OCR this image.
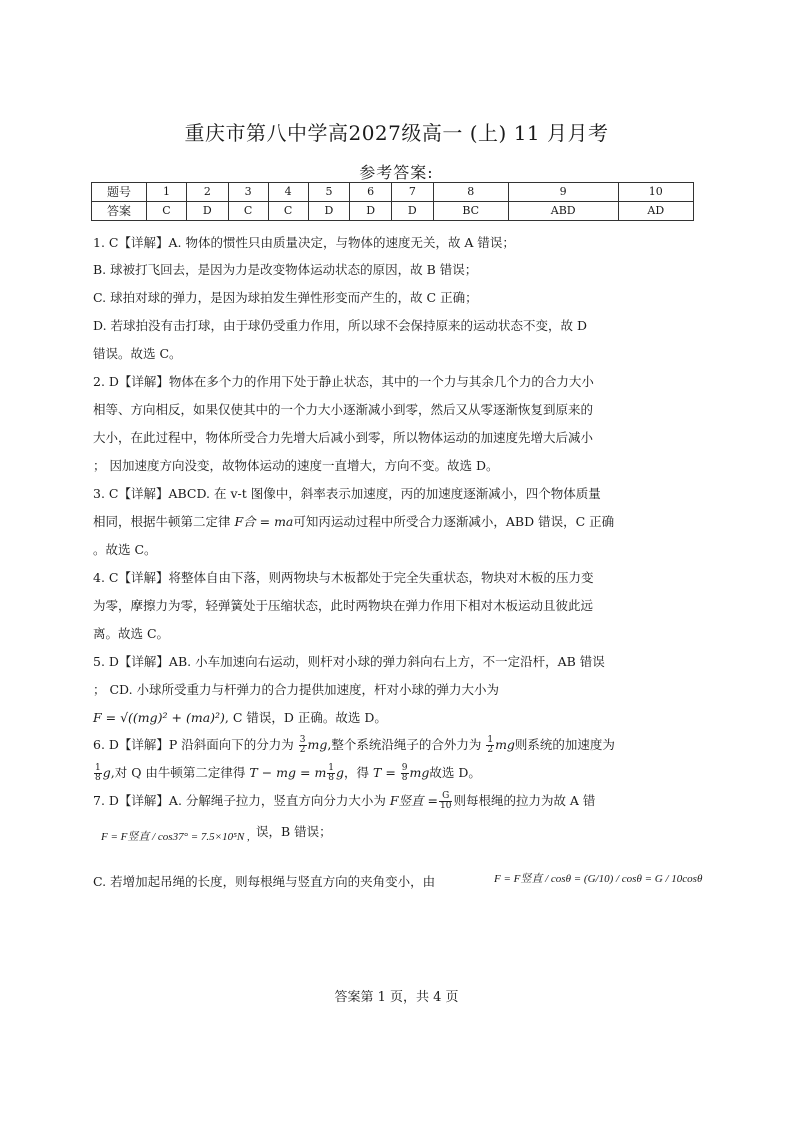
重庆市第八中学高2027级高一 (上) 11 月月考
参考答案:
题号	1	2	3	4	5	6	7	8	9	10
答案	C	D	C	C	D	D	D	BC	ABD	AD
1. C【详解】A. 物体的惯性只由质量决定，与物体的速度无关，故 A 错误；
B. 球被打飞回去，是因为力是改变物体运动状态的原因，故 B 错误；
C. 球拍对球的弹力，是因为球拍发生弹性形变而产生的，故 C 正确；
D. 若球拍没有击打球，由于球仍受重力作用，所以球不会保持原来的运动状态不变，故 D
错误。故选 C。
2. D【详解】物体在多个力的作用下处于静止状态，其中的一个力与其余几个力的合力大小
相等、方向相反，如果仅使其中的一个力大小逐渐减小到零，然后又从零逐渐恢复到原来的
大小，在此过程中，物体所受合力先增大后减小到零，所以物体运动的加速度先增大后减小
； 因加速度方向没变，故物体运动的速度一直增大，方向不变。故选 D。
3. C【详解】ABCD. 在 v-t 图像中，斜率表示加速度，丙的加速度逐渐减小，四个物体质量
相同，根据牛顿第二定律 F合 = ma可知丙运动过程中所受合力逐渐减小，ABD 错误，C 正确
。故选 C。
4. C【详解】将整体自由下落，则两物块与木板都处于完全失重状态，物块对木板的压力变
为零，摩擦力为零，轻弹簧处于压缩状态，此时两物块在弹力作用下相对木板运动且彼此远
离。故选 C。
5. D【详解】AB. 小车加速向右运动，则杆对小球的弹力斜向右上方，不一定沿杆，AB 错误
； CD. 小球所受重力与杆弹力的合力提供加速度，杆对小球的弹力大小为
F = √((mg)² + (ma)²), C 错误，D 正确。故选 D。
6. D【详解】P 沿斜面向下的分力为 $\frac{3}{2}$ mg,整个系统沿绳子的合外力为 $\frac{1}{2}$ mg则系统的加速度为
$\frac{1}{8} g$,对 Q 由牛顿第二定律得 T − mg = m $\frac{1}{8}$ g，得 $T = \frac{9}{8}$ mg故选 D。
7. D【详解】A. 分解绳子拉力，竖直方向分力大小为 F竖直 = $\frac{G}{10}$ 则每根绳的拉力为故 A 错
F = F竖直 / cos37° = 7.5×10⁵N , 误，B 错误；
C. 若增加起吊绳的长度，则每根绳与竖直方向的夹角变小，由	F = F竖直 / cosθ = (G/10) / cosθ = G / 10cosθ
答案第 1 页，共 4 页
